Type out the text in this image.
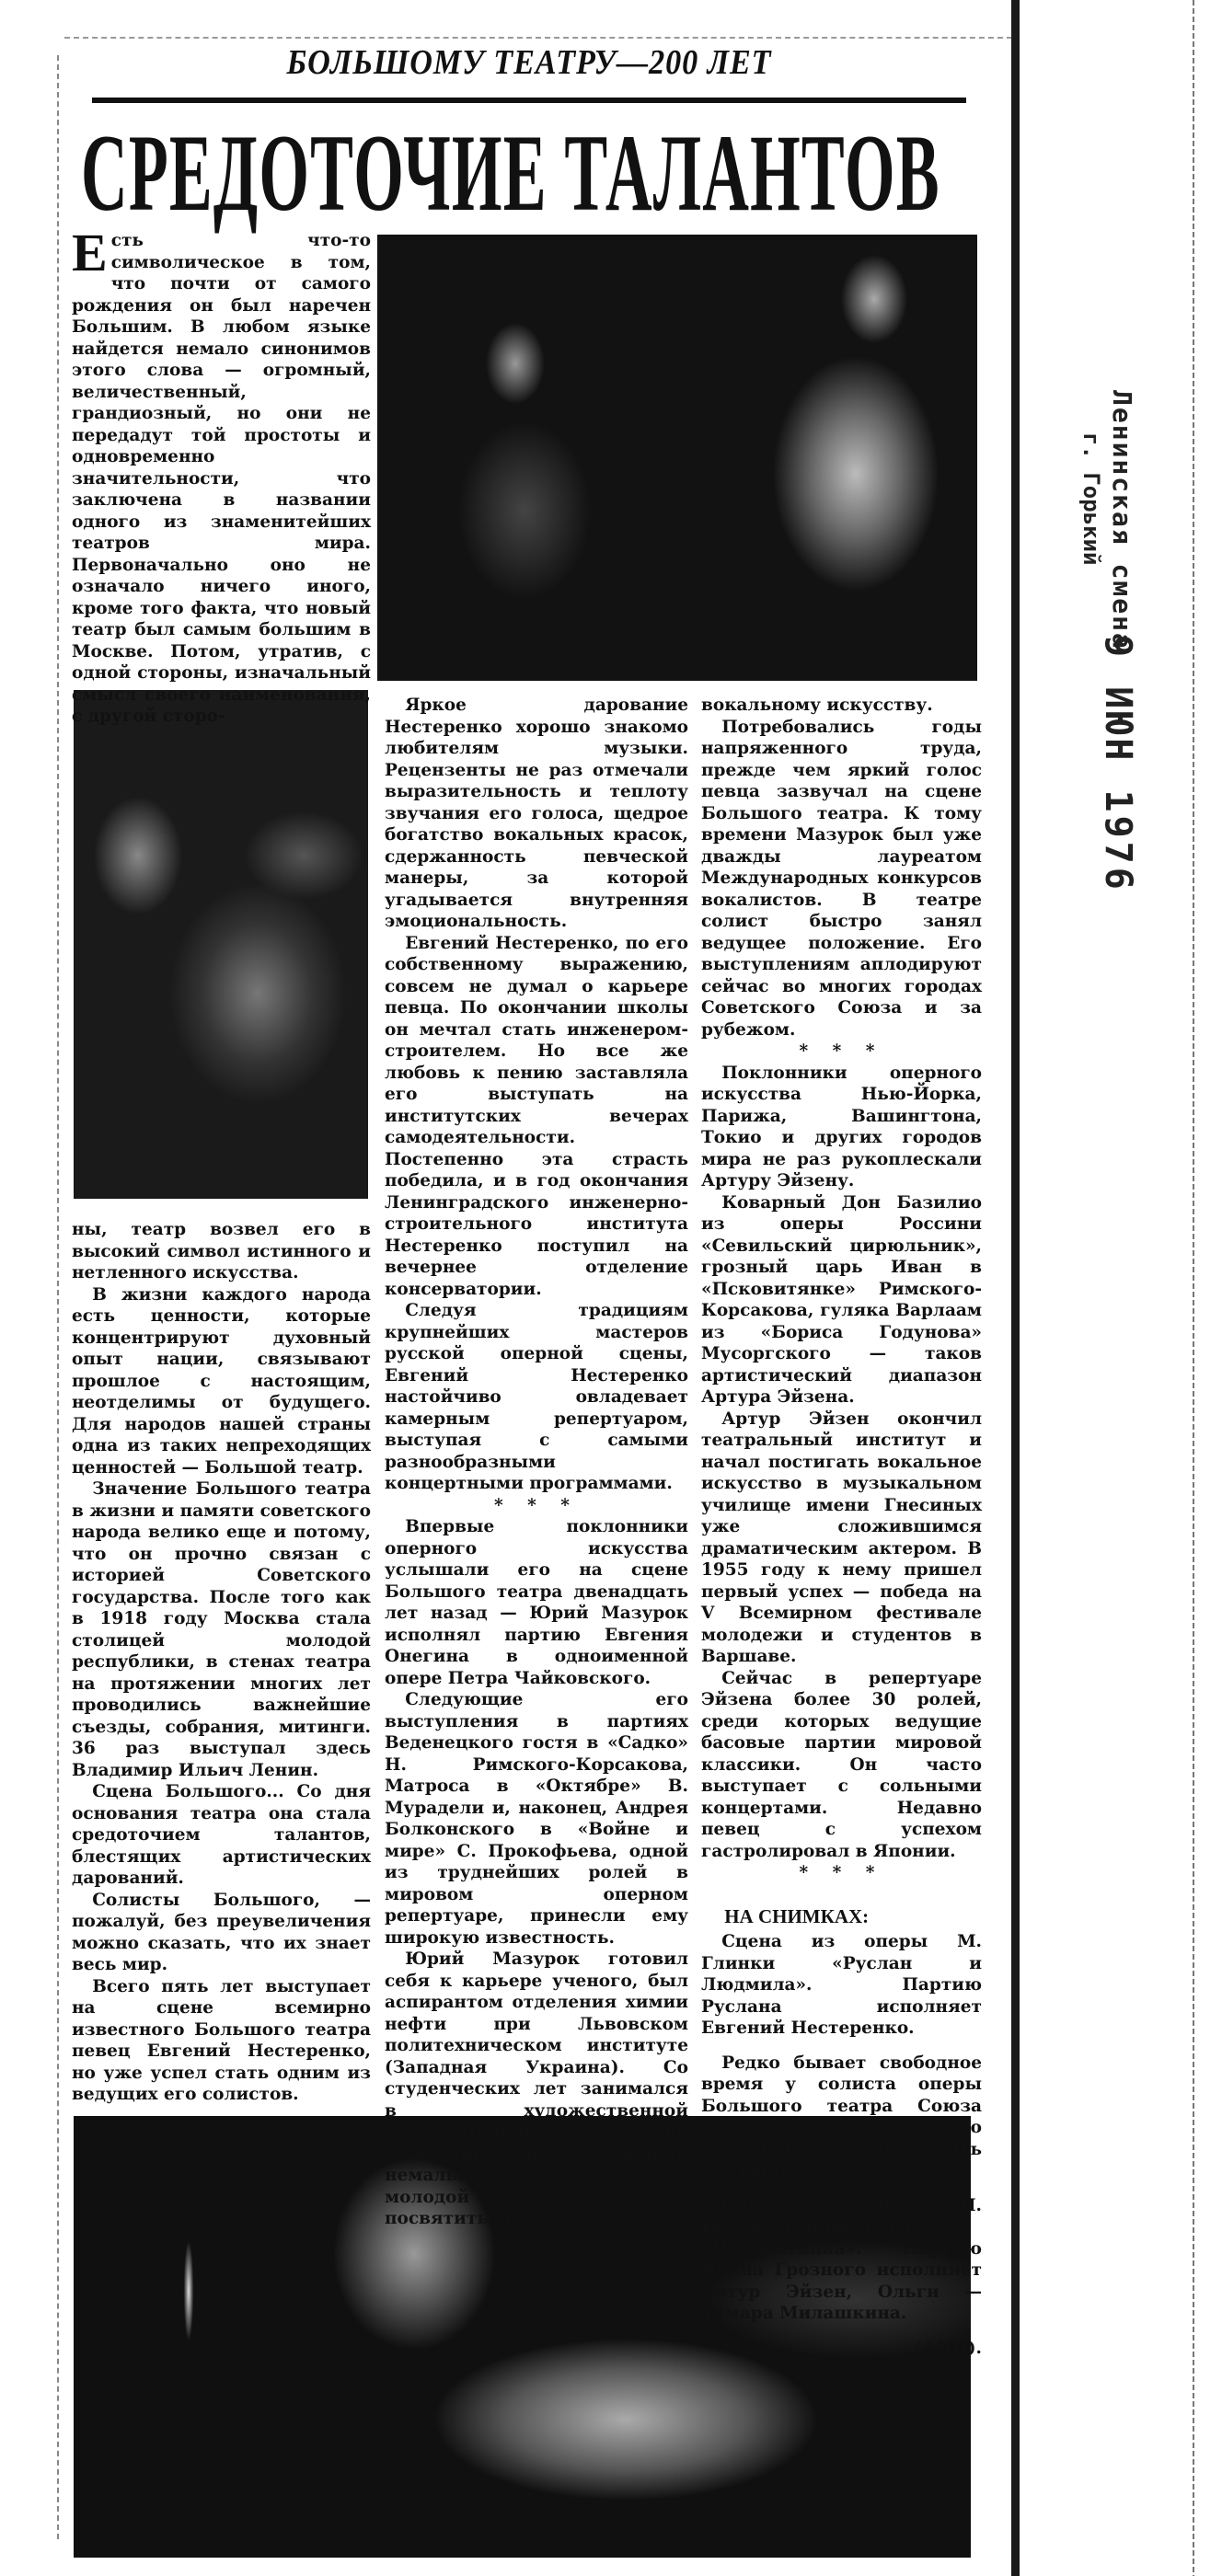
БОЛЬШОМУ ТЕАТРУ—200 ЛЕТ
СРЕДОТОЧИЕ ТАЛАНТОВ
Ленинская смена
г. Горький
9 ИЮН 1976

Есть что-то символическое в том, что почти от самого рождения он был наречен Большим. В любом языке найдется немало синонимов этого слова — огромный, величественный, грандиозный, но они не передадут той простоты и одновременно значительности, что заключена в названии одного из знаменитейших театров мира. Первоначально оно не означало ничего иного, кроме того факта, что новый театр был самым большим в Москве. Потом, утратив, с одной стороны, изначальный смысл своего наименования, с другой сторо-

ны, театр возвел его в высокий символ истинного и нетленного искусства.

В жизни каждого народа есть ценности, которые концентрируют духовный опыт нации, связывают прошлое с настоящим, неотделимы от будущего. Для народов нашей страны одна из таких непреходящих ценностей — Большой театр.

Значение Большого театра в жизни и памяти советского народа велико еще и потому, что он прочно связан с историей Советского государства. После того как в 1918 году Москва стала столицей молодой республики, в стенах театра на протяжении многих лет проводились важнейшие съезды, собрания, митинги. 36 раз выступал здесь Владимир Ильич Ленин.

Сцена Большого... Со дня основания театра она стала средоточием талантов, блестящих артистических дарований.

Солисты Большого, — пожалуй, без преувеличения можно сказать, что их знает весь мир.

Всего пять лет выступает на сцене всемирно известного Большого театра певец Евгений Нестеренко, но уже успел стать одним из ведущих его солистов.

Яркое дарование Нестеренко хорошо знакомо любителям музыки. Рецензенты не раз отмечали выразительность и теплоту звучания его голоса, щедрое богатство вокальных красок, сдержанность певческой манеры, за которой угадывается внутренняя эмоциональность.

Евгений Нестеренко, по его собственному выражению, совсем не думал о карьере певца. По окончании школы он мечтал стать инженером-строителем. Но все же любовь к пению заставляла его выступать на институтских вечерах самодеятельности. Постепенно эта страсть победила, и в год окончания Ленинградского инженерно-строительного института Нестеренко поступил на вечернее отделение консерватории.

Следуя традициям крупнейших мастеров русской оперной сцены, Евгений Нестеренко настойчиво овладевает камерным репертуаром, выступая с самыми разнообразными концертными программами.

* * *

Впервые поклонники оперного искусства услышали его на сцене Большого театра двенадцать лет назад — Юрий Мазурок исполнял партию Евгения Онегина в одноименной опере Петра Чайковского.

Следующие его выступления в партиях Веденецкого гостя в «Садко» Н. Римского-Корсакова, Матроса в «Октябре» В. Мурадели и, наконец, Андрея Болконского в «Войне и мире» С. Прокофьева, одной из труднейших ролей в мировом оперном репертуаре, принесли ему широкую известность.

Юрий Мазурок готовил себя к карьере ученого, был аспирантом отделения химии нефти при Львовском политехническом институте (Западная Украина). Со студенческих лет занимался в художественной самодеятельности. Серьезно увлекшись пением и проявив немалые способности, молодой химик решил посвятить себя

вокальному искусству.

Потребовались годы напряженного труда, прежде чем яркий голос певца зазвучал на сцене Большого театра. К тому времени Мазурок был уже дважды лауреатом Международных конкурсов вокалистов. В театре солист быстро занял ведущее положение. Его выступлениям аплодируют сейчас во многих городах Советского Союза и за рубежом.

* * *

Поклонники оперного искусства Нью-Йорка, Парижа, Вашингтона, Токио и других городов мира не раз рукоплескали Артуру Эйзену.

Коварный Дон Базилио из оперы Россини «Севильский цирюльник», грозный царь Иван в «Псковитянке» Римского-Корсакова, гуляка Варлаам из «Бориса Годунова» Мусоргского — таков артистический диапазон Артура Эйзена.

Артур Эйзен окончил театральный институт и начал постигать вокальное искусство в музыкальном училище имени Гнесиных уже сложившимся драматическим актером. В 1955 году к нему пришел первый успех — победа на V Всемирном фестивале молодежи и студентов в Варшаве.

Сейчас в репертуаре Эйзена более 30 ролей, среди которых ведущие басовые партии мировой классики. Он часто выступает с сольными концертами. Недавно певец с успехом гастролировал в Японии.

* * *

НА СНИМКАХ:

Сцена из оперы М. Глинки «Руслан и Людмила». Партию Руслана исполняет Евгений Нестеренко.

Редко бывает свободное время у солиста оперы Большого театра Союза ССР Юрия Мазурока, но тем приятнее посвятить его сыну.

Сцена из оперы Н. Римского-Корсакова «Псковитянка». Партию Ивана Грозного исполняет Артур Эйзен, Ольги — Тамара Милашкина.

(АПН).
